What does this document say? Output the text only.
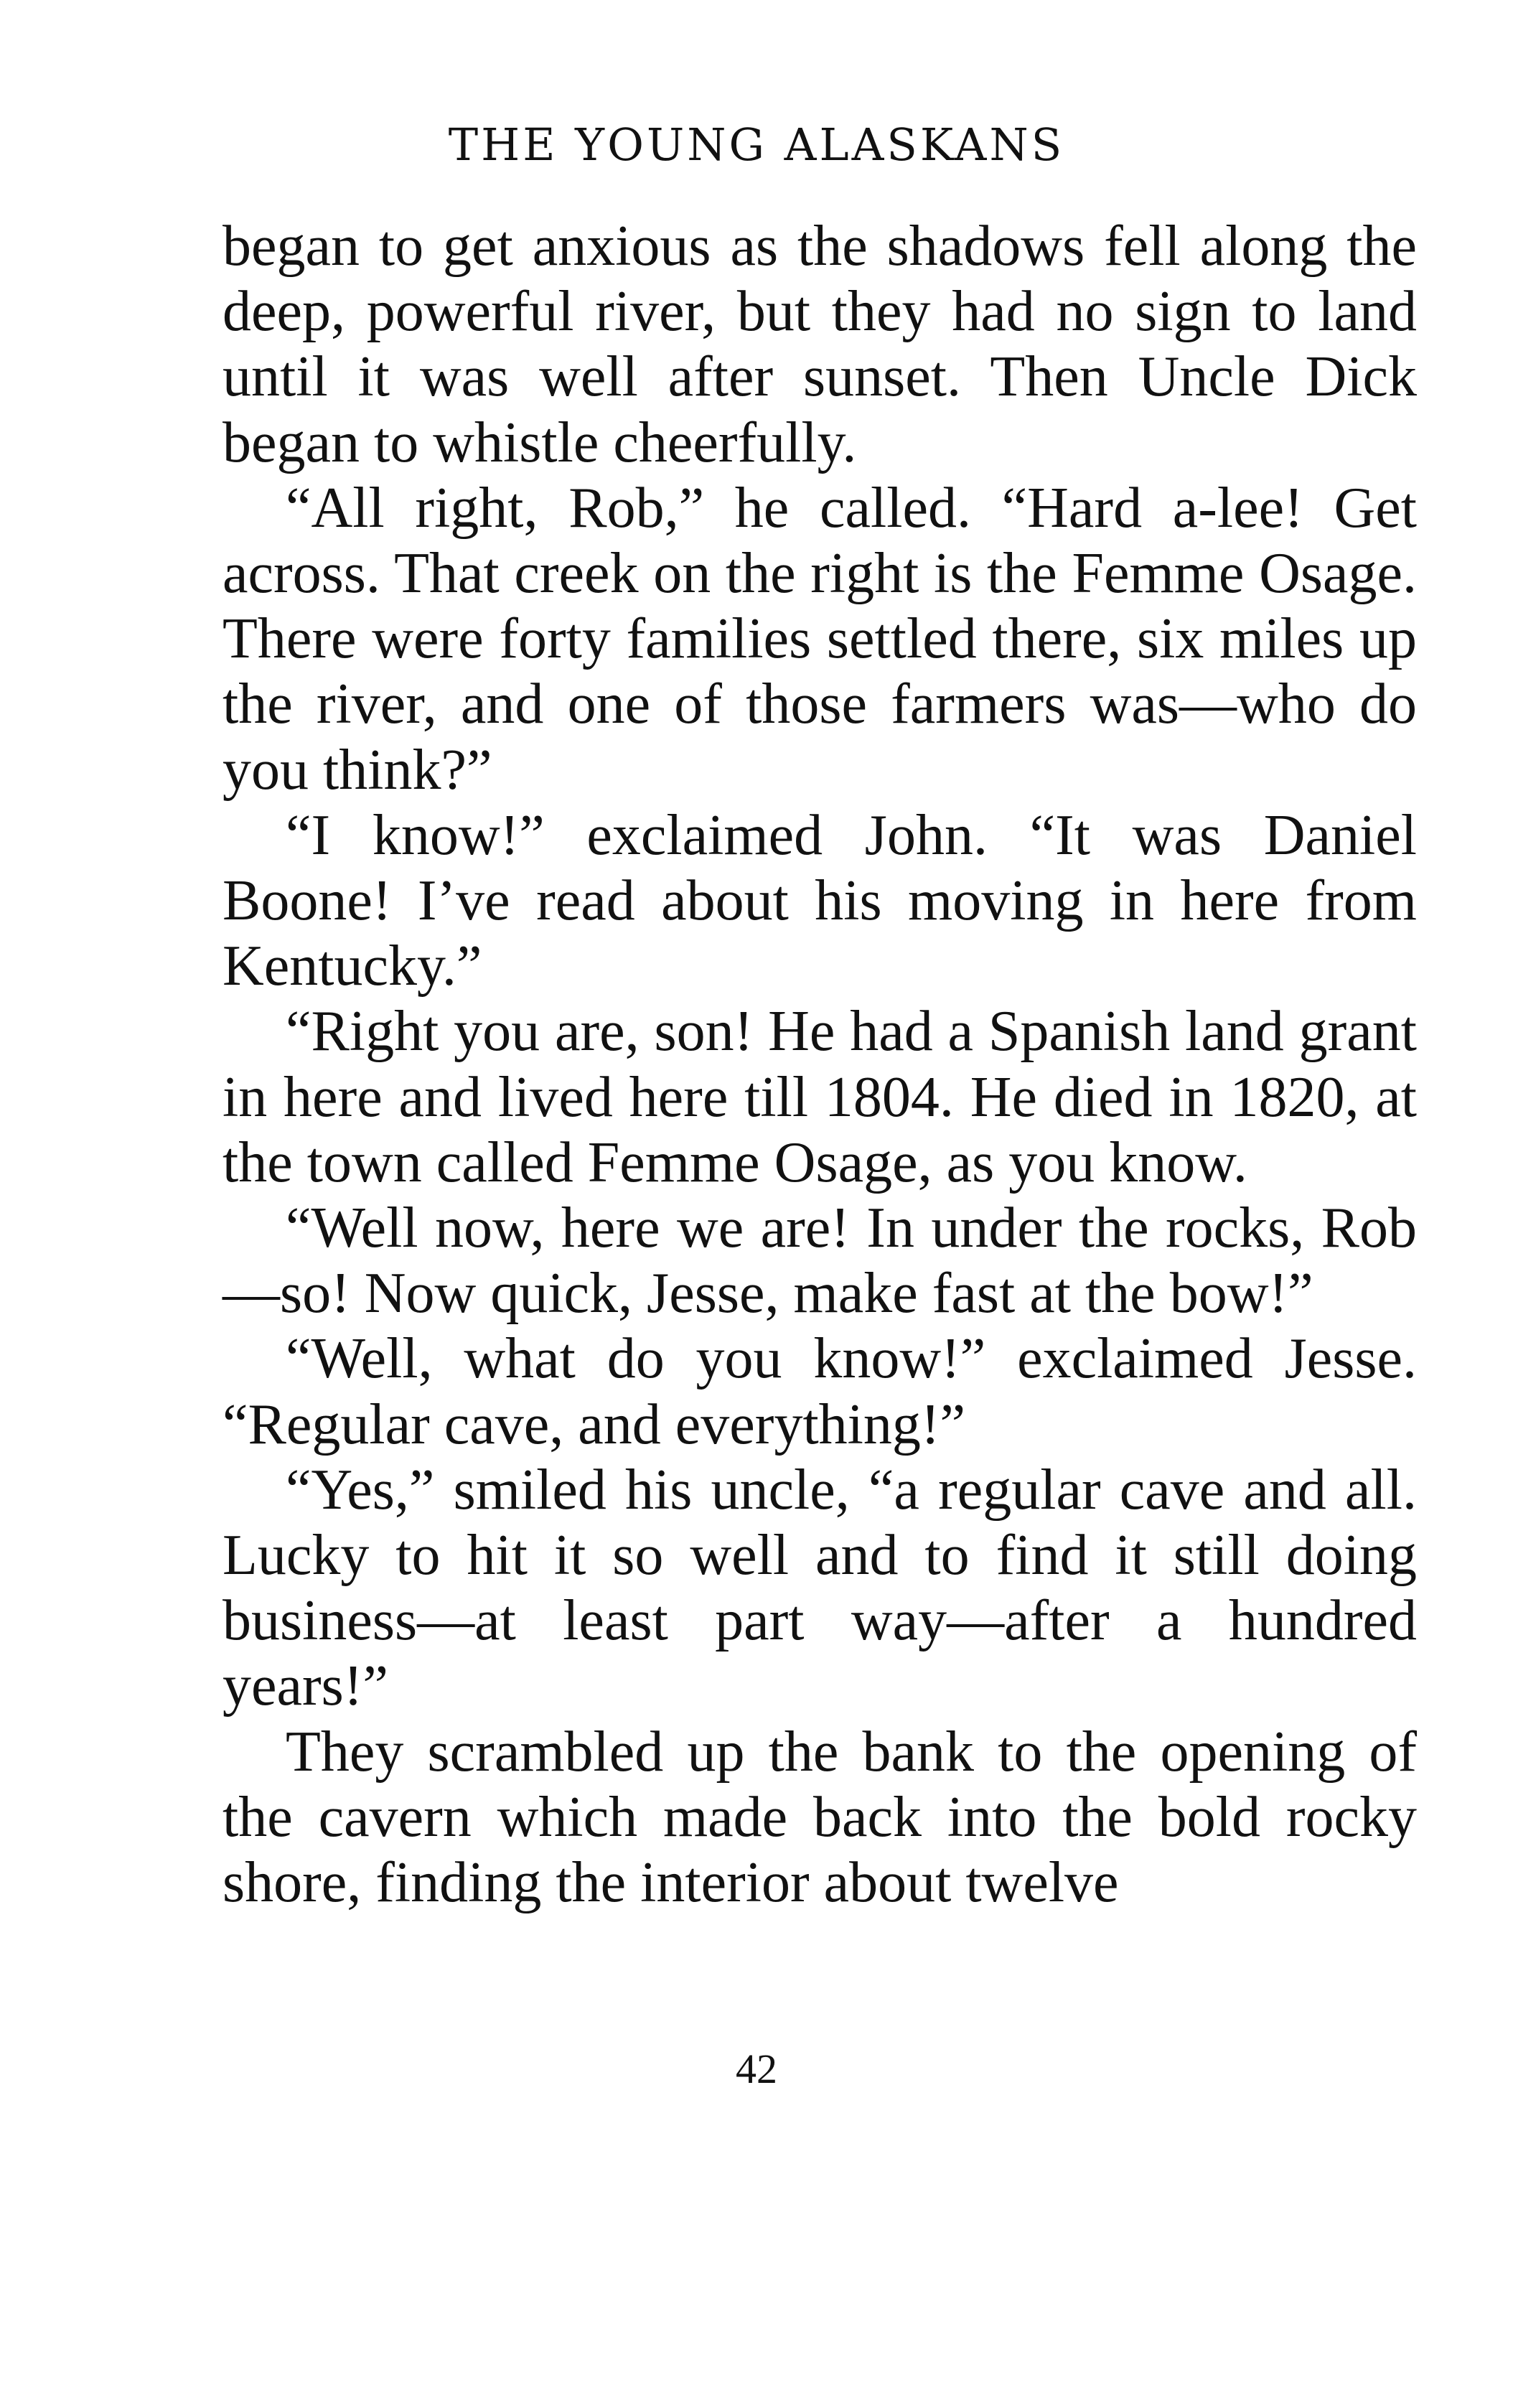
THE YOUNG ALASKANS

began to get anxious as the shadows fell along the deep, powerful river, but they had no sign to land until it was well after sunset. Then Uncle Dick began to whistle cheerfully.

“All right, Rob,” he called. “Hard a-lee! Get across. That creek on the right is the Femme Osage. There were forty families settled there, six miles up the river, and one of those farmers was—who do you think?”

“I know!” exclaimed John. “It was Daniel Boone! I’ve read about his moving in here from Kentucky.”

“Right you are, son! He had a Spanish land grant in here and lived here till 1804. He died in 1820, at the town called Femme Osage, as you know.

“Well now, here we are! In under the rocks, Rob—so! Now quick, Jesse, make fast at the bow!”

“Well, what do you know!” exclaimed Jesse. “Regular cave, and everything!”

“Yes,” smiled his uncle, “a regular cave and all. Lucky to hit it so well and to find it still doing business—at least part way—after a hundred years!”

They scrambled up the bank to the opening of the cavern which made back into the bold rocky shore, finding the interior about twelve

42
